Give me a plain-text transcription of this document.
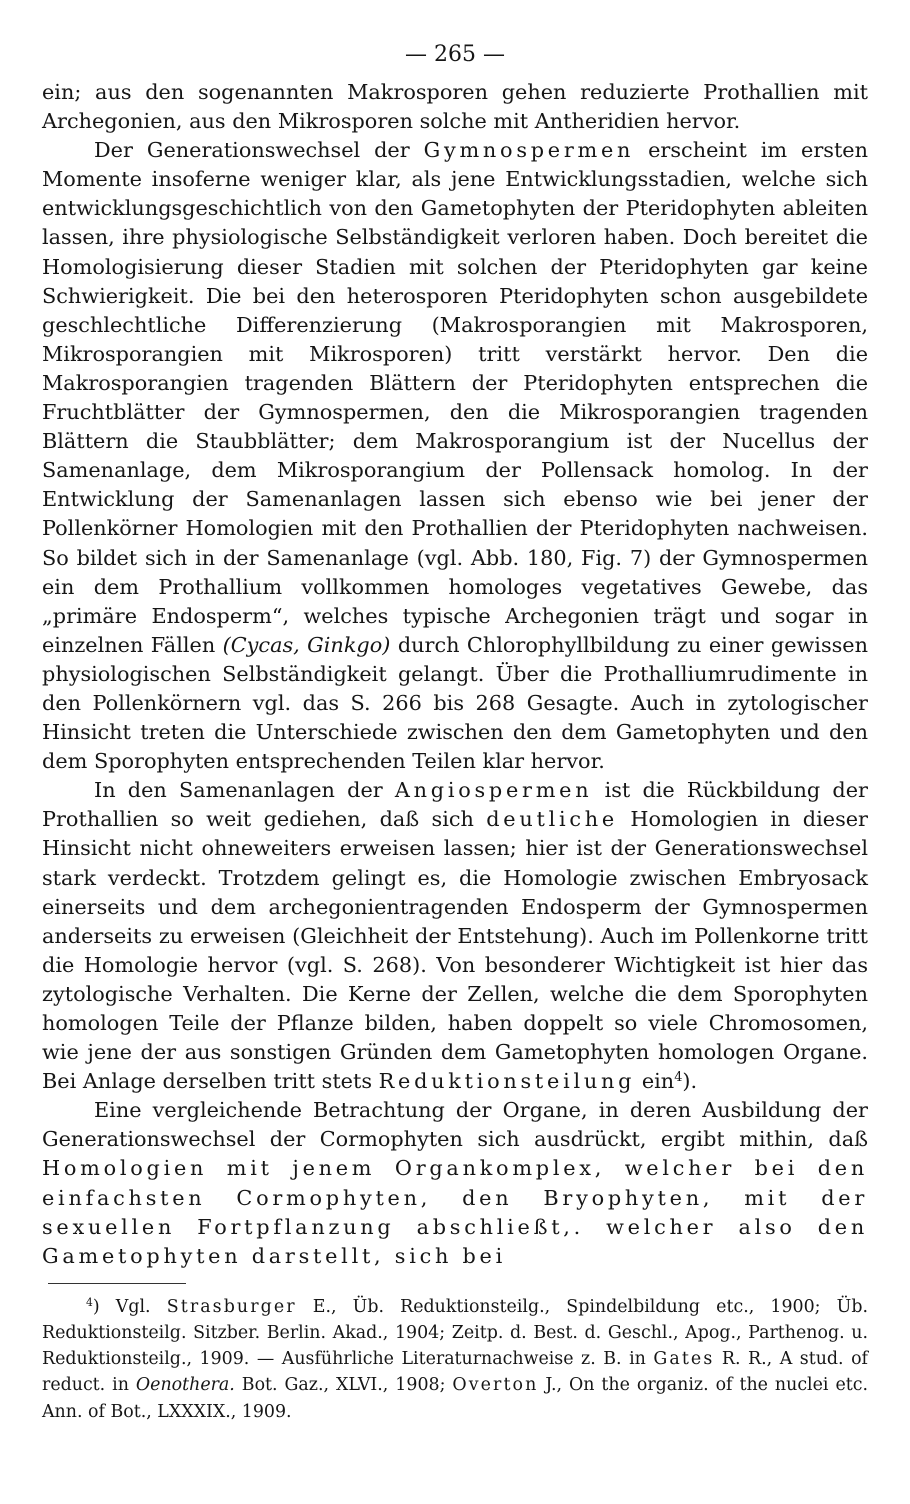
— 265 —

ein; aus den sogenannten Makrosporen gehen reduzierte Prothallien mit Archegonien, aus den Mikrosporen solche mit Antheridien hervor.

Der Generationswechsel der Gymnospermen erscheint im ersten Momente insoferne weniger klar, als jene Entwicklungsstadien, welche sich entwicklungsgeschichtlich von den Gametophyten der Pteridophyten ableiten lassen, ihre physiologische Selbständigkeit verloren haben. Doch bereitet die Homologisierung dieser Stadien mit solchen der Pteridophyten gar keine Schwierigkeit. Die bei den heterosporen Pteridophyten schon ausgebildete geschlechtliche Differenzierung (Makrosporangien mit Makrosporen, Mikrosporangien mit Mikrosporen) tritt verstärkt hervor. Den die Makrosporangien tragenden Blättern der Pteridophyten entsprechen die Fruchtblätter der Gymnospermen, den die Mikrosporangien tragenden Blättern die Staubblätter; dem Makrosporangium ist der Nucellus der Samenanlage, dem Mikrosporangium der Pollensack homolog. In der Entwicklung der Samenanlagen lassen sich ebenso wie bei jener der Pollenkörner Homologien mit den Prothallien der Pteridophyten nachweisen. So bildet sich in der Samenanlage (vgl. Abb. 180, Fig. 7) der Gymnospermen ein dem Prothallium vollkommen homologes vegetatives Gewebe, das „primäre Endosperm“, welches typische Archegonien trägt und sogar in einzelnen Fällen (Cycas, Ginkgo) durch Chlorophyllbildung zu einer gewissen physiologischen Selbständigkeit gelangt. Über die Prothalliumrudimente in den Pollenkörnern vgl. das S. 266 bis 268 Gesagte. Auch in zytologischer Hinsicht treten die Unterschiede zwischen den dem Gametophyten und den dem Sporophyten entsprechenden Teilen klar hervor.

In den Samenanlagen der Angiospermen ist die Rückbildung der Prothallien so weit gediehen, daß sich deutliche Homologien in dieser Hinsicht nicht ohneweiters erweisen lassen; hier ist der Generationswechsel stark verdeckt. Trotzdem gelingt es, die Homologie zwischen Embryosack einerseits und dem archegonientragenden Endosperm der Gymnospermen anderseits zu erweisen (Gleichheit der Entstehung). Auch im Pollenkorne tritt die Homologie hervor (vgl. S. 268). Von besonderer Wichtigkeit ist hier das zytologische Verhalten. Die Kerne der Zellen, welche die dem Sporophyten homologen Teile der Pflanze bilden, haben doppelt so viele Chromosomen, wie jene der aus sonstigen Gründen dem Gametophyten homologen Organe. Bei Anlage derselben tritt stets Reduktionsteilung ein$^4$).

Eine vergleichende Betrachtung der Organe, in deren Ausbildung der Generationswechsel der Cormophyten sich ausdrückt, ergibt mithin, daß Homologien mit jenem Organkomplex, welcher bei den einfachsten Cormophyten, den Bryophyten, mit der sexuellen Fortpflanzung abschließt,. welcher also den Gametophyten darstellt, sich bei

$^4$) Vgl. Strasburger E., Üb. Reduktionsteilg., Spindelbildung etc., 1900; Üb. Reduktionsteilg. Sitzber. Berlin. Akad., 1904; Zeitp. d. Best. d. Geschl., Apog., Parthenog. u. Reduktionsteilg., 1909. — Ausführliche Literaturnachweise z. B. in Gates R. R., A stud. of reduct. in Oenothera. Bot. Gaz., XLVI., 1908; Overton J., On the organiz. of the nuclei etc. Ann. of Bot., LXXXIX., 1909.
